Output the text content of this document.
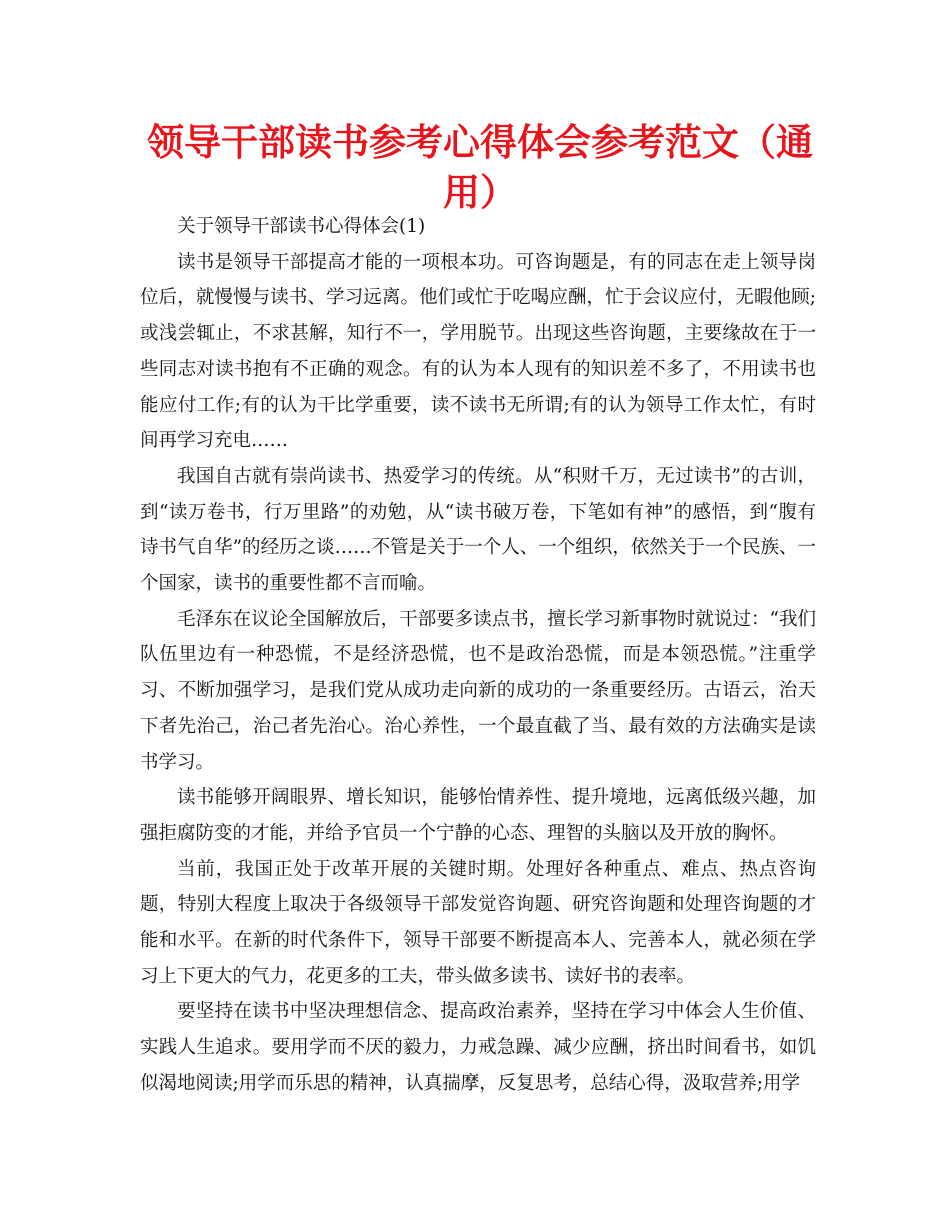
领导干部读书参考心得体会参考范文（通用）

关于领导干部读书心得体会(1)

读书是领导干部提高才能的一项根本功。可咨询题是，有的同志在走上领导岗位后，就慢慢与读书、学习远离。他们或忙于吃喝应酬，忙于会议应付，无暇他顾;或浅尝辄止，不求甚解，知行不一，学用脱节。出现这些咨询题，主要缘故在于一些同志对读书抱有不正确的观念。有的认为本人现有的知识差不多了，不用读书也能应付工作;有的认为干比学重要，读不读书无所谓;有的认为领导工作太忙，有时间再学习充电……

我国自古就有崇尚读书、热爱学习的传统。从“积财千万，无过读书”的古训，到“读万卷书，行万里路”的劝勉，从“读书破万卷，下笔如有神”的感悟，到“腹有诗书气自华”的经历之谈……不管是关于一个人、一个组织，依然关于一个民族、一个国家，读书的重要性都不言而喻。

毛泽东在议论全国解放后，干部要多读点书，擅长学习新事物时就说过：“我们队伍里边有一种恐慌，不是经济恐慌，也不是政治恐慌，而是本领恐慌。”注重学习、不断加强学习，是我们党从成功走向新的成功的一条重要经历。古语云，治天下者先治己，治己者先治心。治心养性，一个最直截了当、最有效的方法确实是读书学习。

读书能够开阔眼界、增长知识，能够怡情养性、提升境地，远离低级兴趣，加强拒腐防变的才能，并给予官员一个宁静的心态、理智的头脑以及开放的胸怀。

当前，我国正处于改革开展的关键时期。处理好各种重点、难点、热点咨询题，特别大程度上取决于各级领导干部发觉咨询题、研究咨询题和处理咨询题的才能和水平。在新的时代条件下，领导干部要不断提高本人、完善本人，就必须在学习上下更大的气力，花更多的工夫，带头做多读书、读好书的表率。

要坚持在读书中坚决理想信念、提高政治素养，坚持在学习中体会人生价值、实践人生追求。要用学而不厌的毅力，力戒急躁、减少应酬，挤出时间看书，如饥似渴地阅读;用学而乐思的精神，认真揣摩，反复思考，总结心得，汲取营养;用学
